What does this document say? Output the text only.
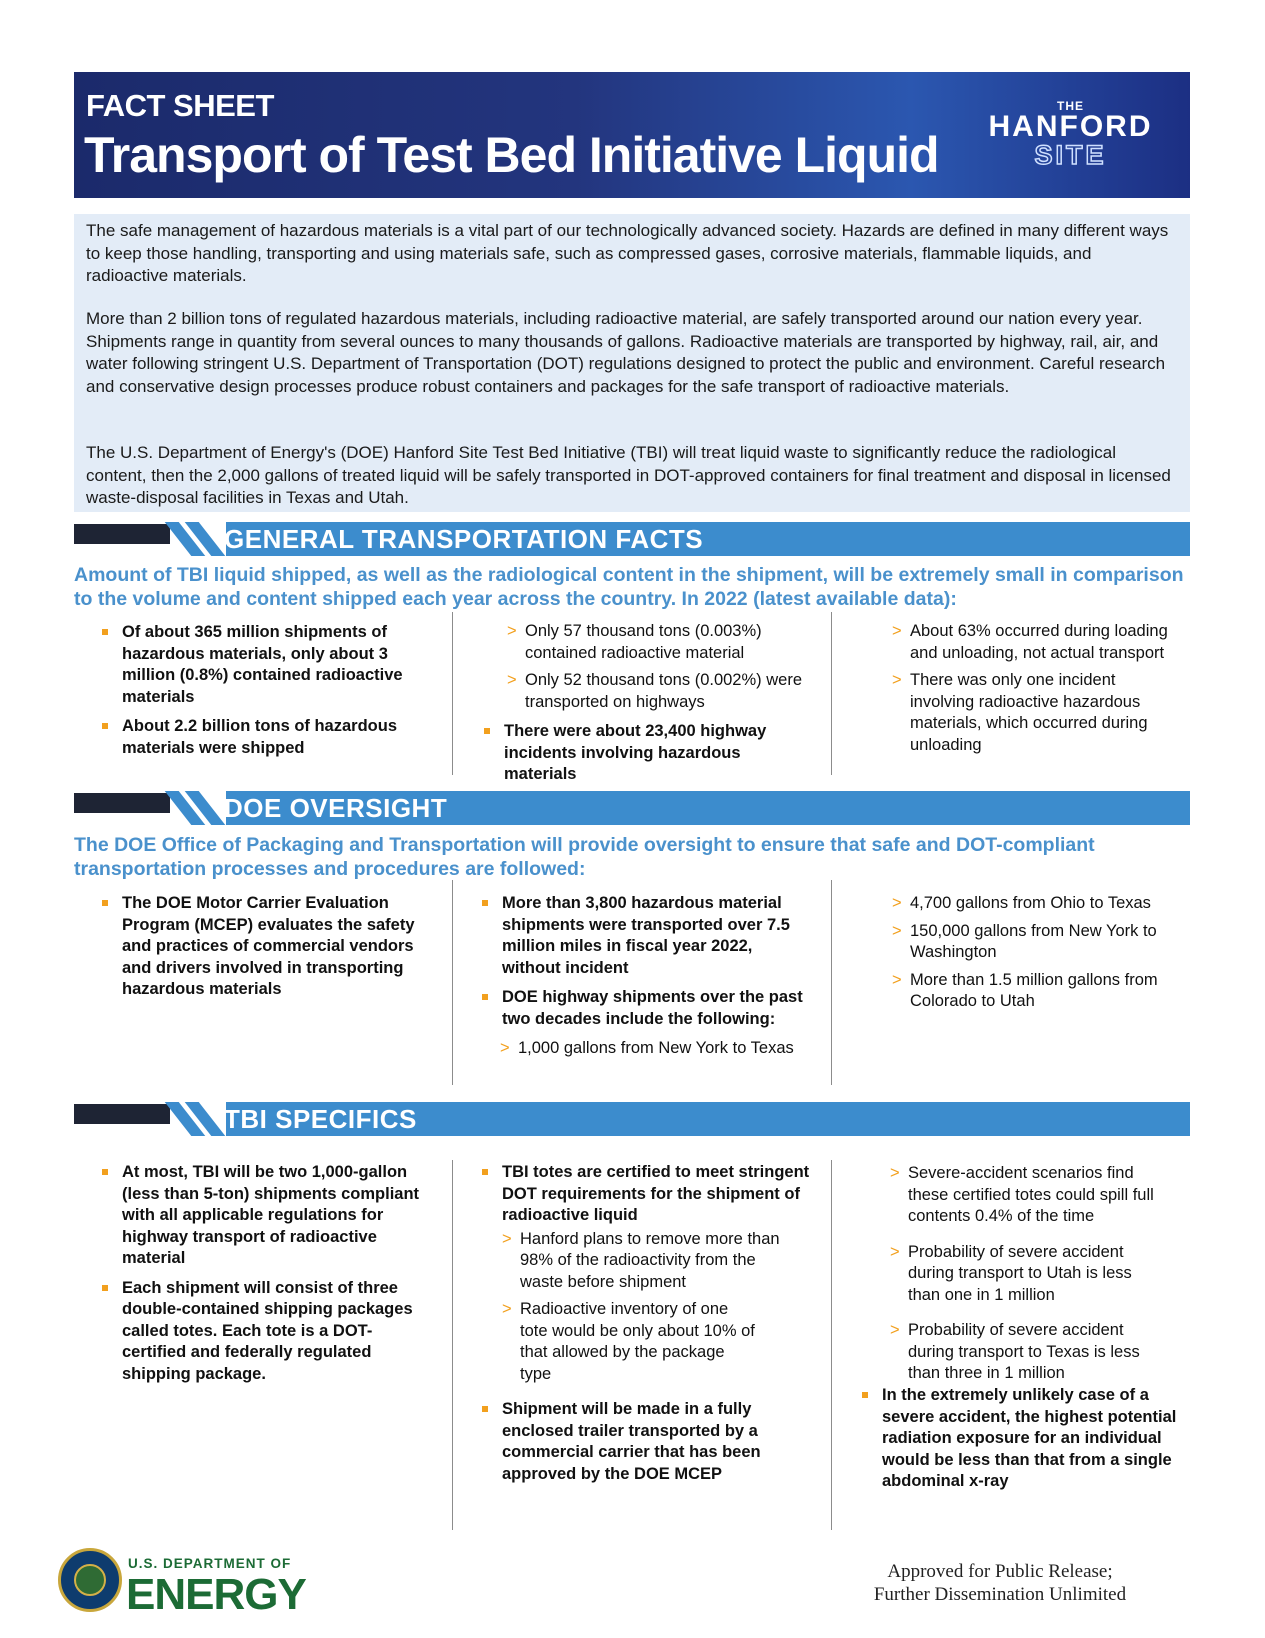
FACT SHEET
Transport of Test Bed Initiative Liquid
THE
HANFORD
SITE

The safe management of hazardous materials is a vital part of our technologically advanced society. Hazards are defined in many different ways to keep those handling, transporting and using materials safe, such as compressed gases, corrosive materials, flammable liquids, and radioactive materials.

More than 2 billion tons of regulated hazardous materials, including radioactive material, are safely transported around our nation every year. Shipments range in quantity from several ounces to many thousands of gallons. Radioactive materials are transported by highway, rail, air, and water following stringent U.S. Department of Transportation (DOT) regulations designed to protect the public and environment. Careful research and conservative design processes produce robust containers and packages for the safe transport of radioactive materials.

The U.S. Department of Energy's (DOE) Hanford Site Test Bed Initiative (TBI) will treat liquid waste to significantly reduce the radiological content, then the 2,000 gallons of treated liquid will be safely transported in DOT-approved containers for final treatment and disposal in licensed waste-disposal facilities in Texas and Utah.

GENERAL TRANSPORTATION FACTS

Amount of TBI liquid shipped, as well as the radiological content in the shipment, will be extremely small in comparison to the volume and content shipped each year across the country. In 2022 (latest available data):

Of about 365 million shipments of hazardous materials, only about 3 million (0.8%) contained radioactive materials
About 2.2 billion tons of hazardous materials were shipped
> Only 57 thousand tons (0.003%) contained radioactive material
> Only 52 thousand tons (0.002%) were transported on highways
There were about 23,400 highway incidents involving hazardous materials
> About 63% occurred during loading and unloading, not actual transport
> There was only one incident involving radioactive hazardous materials, which occurred during unloading
DOE OVERSIGHT

The DOE Office of Packaging and Transportation will provide oversight to ensure that safe and DOT-compliant transportation processes and procedures are followed:

The DOE Motor Carrier Evaluation Program (MCEP) evaluates the safety and practices of commercial vendors and drivers involved in transporting hazardous materials
More than 3,800 hazardous material shipments were transported over 7.5 million miles in fiscal year 2022, without incident
DOE highway shipments over the past two decades include the following:
> 1,000 gallons from New York to Texas
> 4,700 gallons from Ohio to Texas
> 150,000 gallons from New York to Washington
> More than 1.5 million gallons from Colorado to Utah
TBI SPECIFICS
At most, TBI will be two 1,000-gallon (less than 5-ton) shipments compliant with all applicable regulations for highway transport of radioactive material
Each shipment will consist of three double-contained shipping packages called totes. Each tote is a DOT-certified and federally regulated shipping package.
TBI totes are certified to meet stringent DOT requirements for the shipment of radioactive liquid
> Hanford plans to remove more than 98% of the radioactivity from the waste before shipment
> Radioactive inventory of one tote would be only about 10% of that allowed by the package type
Shipment will be made in a fully enclosed trailer transported by a commercial carrier that has been approved by the DOE MCEP
> Severe-accident scenarios find these certified totes could spill full contents 0.4% of the time
> Probability of severe accident during transport to Utah is less than one in 1 million
> Probability of severe accident during transport to Texas is less than three in 1 million
In the extremely unlikely case of a severe accident, the highest potential radiation exposure for an individual would be less than that from a single abdominal x-ray
U.S. DEPARTMENT OF
ENERGY	Approved for Public Release;
Further Dissemination Unlimited
